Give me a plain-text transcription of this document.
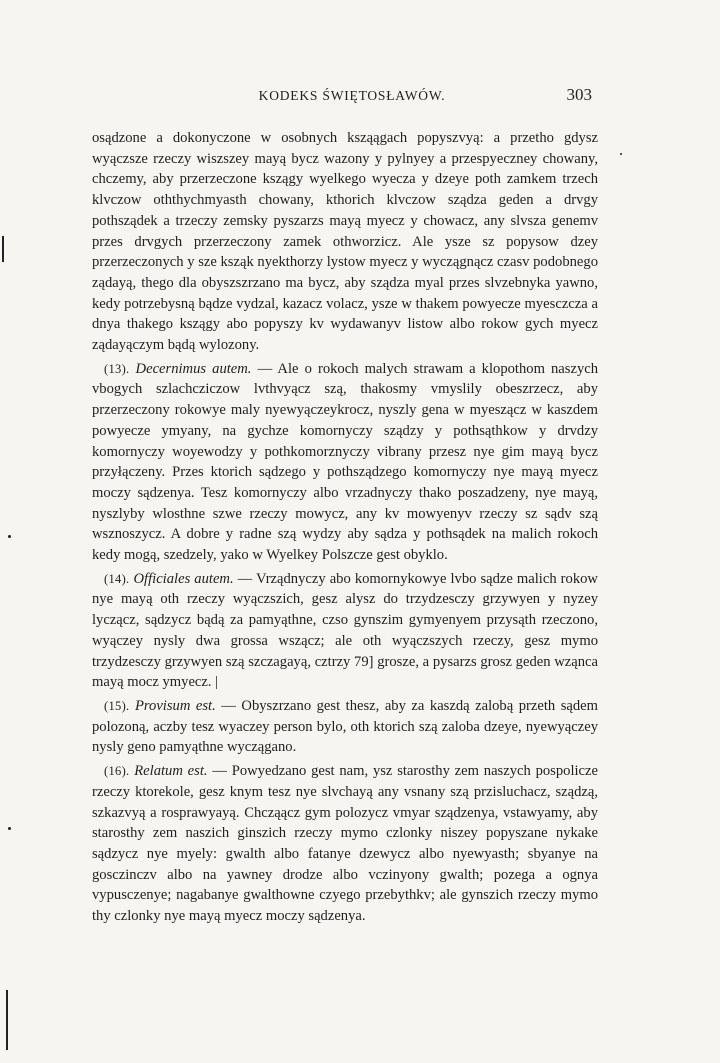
KODEKS ŚWIĘTOSŁAWÓW.	303

osądzone a dokonyczone w osobnych ksząągach popyszvyą: a przetho gdysz wyączsze rzeczy wiszszey mayą bycz wazony y pylnyey a przespyeczney chowany, chczemy, aby przerzeczone kszągy wyelkego wyecza y dzeye poth zamkem trzech klvczow oththychmyasth chowany, kthorich klvczow sządza geden a drvgy pothsządek a trzeczy zemsky pyszarzs mayą myecz y chowacz, any slvsza genemv przes drvgych przerzeczony zamek othworzicz. Ale ysze sz popysow dzey przerzeczonych y sze ksząk nyekthorzy lystow myecz y wyczągnącz czasv podobnego ządayą, thego dla obyszszrzano ma bycz, aby sządza myal przes slvzebnyka yawno, kedy potrzebysną bądze vydzal, kazacz volacz, ysze w thakem powyecze myesczcza a dnya thakego kszągy abo popyszy kv wydawanyv listow albo rokow gych myecz ządayączym bądą wylozony.

(13). Decernimus autem. — Ale o rokoch malych strawam a klopothom naszych vbogych szlachcziczow lvthvyącz szą, thakosmy vmyslily obeszrzecz, aby przerzeczony rokowye maly nyewyączeykrocz, nyszly gena w myeszącz w kaszdem powyecze ymyany, na gychze komornyczy sządzy y pothsąthkow y drvdzy komornyczy woyewodzy y pothkomorznyczy vibrany przesz nye gim mayą bycz przyłączeny. Przes ktorich sądzego y pothsządzego komornyczy nye mayą myecz moczy sądzenya. Tesz komornyczy albo vrzadnyczy thako poszadzeny, nye mayą, nyszlyby wlosthne szwe rzeczy mowycz, any kv mowyenyv rzeczy sz sądv szą wsznoszycz. A dobre y radne szą wydzy aby sądza y pothsądek na malich rokoch kedy mogą, szedzely, yako w Wyelkey Polszcze gest obyklo.

(14). Officiales autem. — Vrządnyczy abo komornykowye lvbo sądze malich rokow nye mayą oth rzeczy wyączszich, gesz alysz do trzydzesczy grzywyen y nyzey lyczącz, sądzycz bądą za pamyąthne, czso gynszim gymyenyem przysąth rzeczono, wyączey nysly dwa grossa wszącz; ale oth wyączszych rzeczy, gesz mymo trzydzesczy grzywyen szą szczagayą, cztrzy 79] grosze, a pysarzs grosz geden wząnca mayą mocz ymyecz. |

(15). Provisum est. — Obyszrzano gest thesz, aby za kaszdą zalobą przeth sądem polozoną, aczby tesz wyaczey person bylo, oth ktorich szą zaloba dzeye, nyewyączey nysly geno pamyąthne wyczągano.

(16). Relatum est. — Powyedzano gest nam, ysz starosthy zem naszych pospolicze rzeczy ktorekole, gesz knym tesz nye slvchayą any vsnany szą przisluchacz, sządzą, szkazvyą a rosprawyayą. Chcząącz gym polozycz vmyar sządzenya, vstawyamy, aby starosthy zem naszich ginszich rzeczy mymo czlonky niszey popyszane nykake sądzycz nye myely: gwalth albo fatanye dzewycz albo nyewyasth; sbyanye na gosczinczv albo na yawney drodze albo vczinyony gwalth; pozega a ognya vypusczenye; nagabanye gwalthowne czyego przebythkv; ale gynszich rzeczy mymo thy czlonky nye mayą myecz moczy sądzenya.
